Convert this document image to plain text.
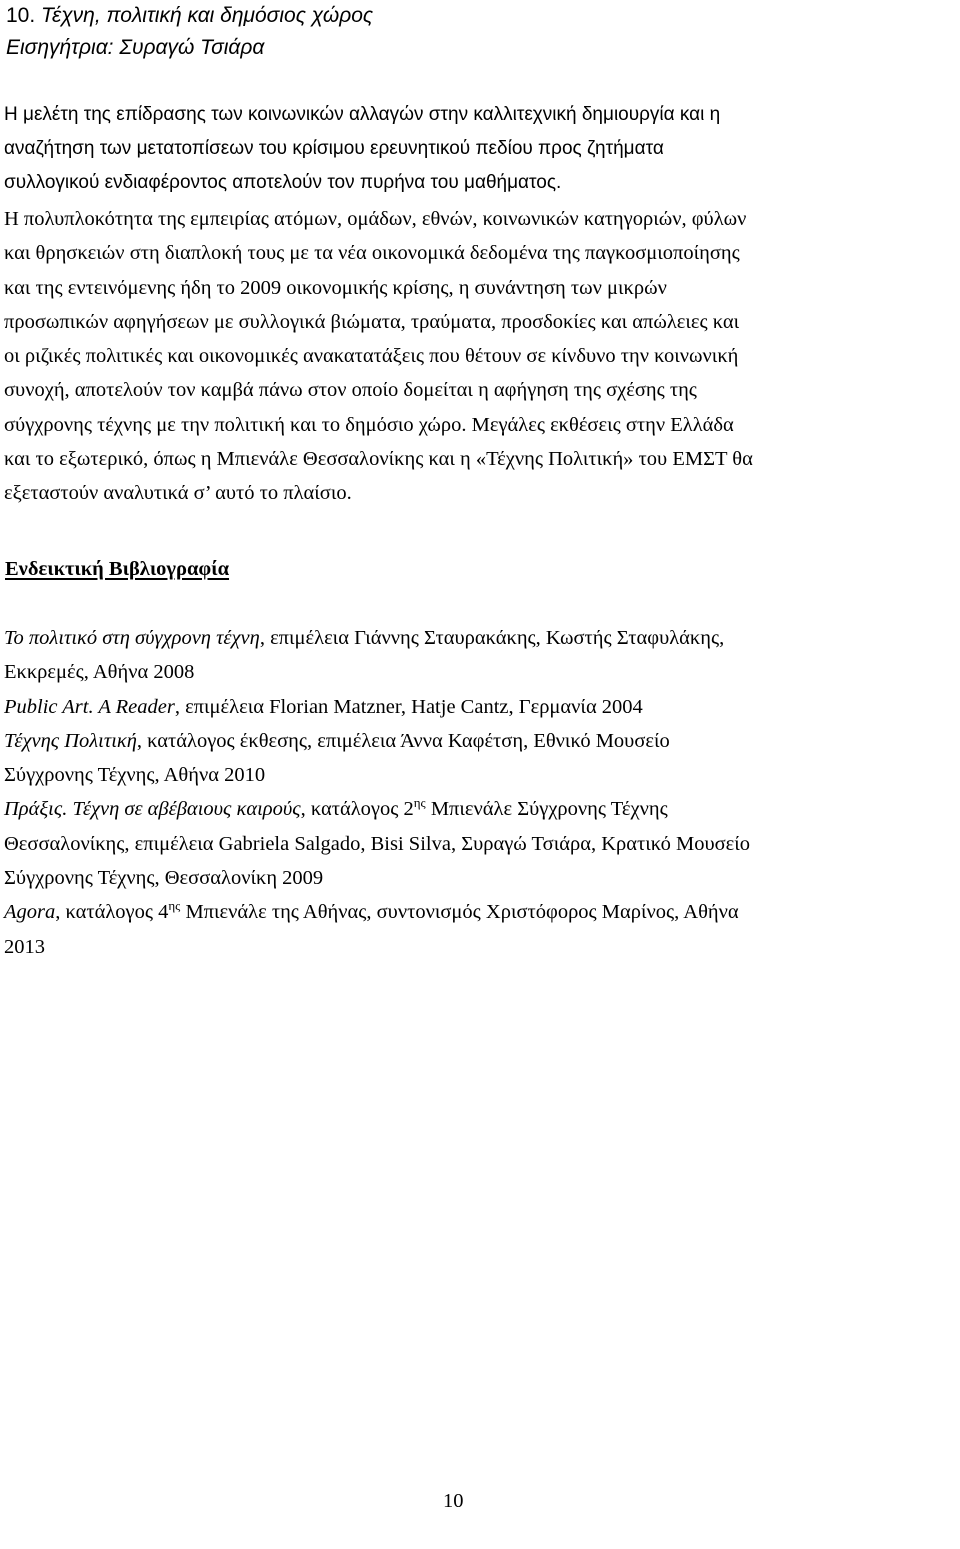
10. Τέχνη, πολιτική και δημόσιος χώρος
Εισηγήτρια: Συραγώ Τσιάρα
Η μελέτη της επίδρασης των κοινωνικών αλλαγών στην καλλιτεχνική δημιουργία και η
αναζήτηση των μετατοπίσεων του κρίσιμου ερευνητικού πεδίου προς ζητήματα
συλλογικού ενδιαφέροντος αποτελούν τον πυρήνα του μαθήματος.
Η πολυπλοκότητα της εμπειρίας ατόμων, ομάδων, εθνών, κοινωνικών κατηγοριών, φύλων
και θρησκειών στη διαπλοκή τους με τα νέα οικονομικά δεδομένα της παγκοσμιοποίησης
και της εντεινόμενης ήδη το 2009 οικονομικής κρίσης, η συνάντηση των μικρών
προσωπικών αφηγήσεων με συλλογικά βιώματα, τραύματα, προσδοκίες και απώλειες και
οι ριζικές πολιτικές και οικονομικές ανακατατάξεις που θέτουν σε κίνδυνο την κοινωνική
συνοχή, αποτελούν τον καμβά πάνω στον οποίο δομείται η αφήγηση της σχέσης της
σύγχρονης τέχνης με την πολιτική και το δημόσιο χώρο. Μεγάλες εκθέσεις στην Ελλάδα
και το εξωτερικό, όπως η Μπιενάλε Θεσσαλονίκης και η «Τέχνης Πολιτική» του ΕΜΣΤ θα
εξεταστούν αναλυτικά σ’ αυτό το πλαίσιο.
Ενδεικτική Βιβλιογραφία
Το πολιτικό στη σύγχρονη τέχνη, επιμέλεια Γιάννης Σταυρακάκης, Κωστής Σταφυλάκης,
Εκκρεμές, Αθήνα 2008
Public Art. A Reader, επιμέλεια Florian Matzner, Hatje Cantz, Γερμανία 2004
Τέχνης Πολιτική, κατάλογος έκθεσης, επιμέλεια Άννα Καφέτση, Εθνικό Μουσείο
Σύγχρονης Τέχνης, Αθήνα 2010
Πράξις. Τέχνη σε αβέβαιους καιρούς, κατάλογος $2^{\eta\varsigma}$ Μπιενάλε Σύγχρονης Τέχνης
Θεσσαλονίκης, επιμέλεια Gabriela Salgado, Bisi Silva, Συραγώ Τσιάρα, Κρατικό Μουσείο
Σύγχρονης Τέχνης, Θεσσαλονίκη 2009
Agora, κατάλογος $4^{\eta\varsigma}$ Μπιενάλε της Αθήνας, συντονισμός Χριστόφορος Μαρίνος, Αθήνα
2013
10
